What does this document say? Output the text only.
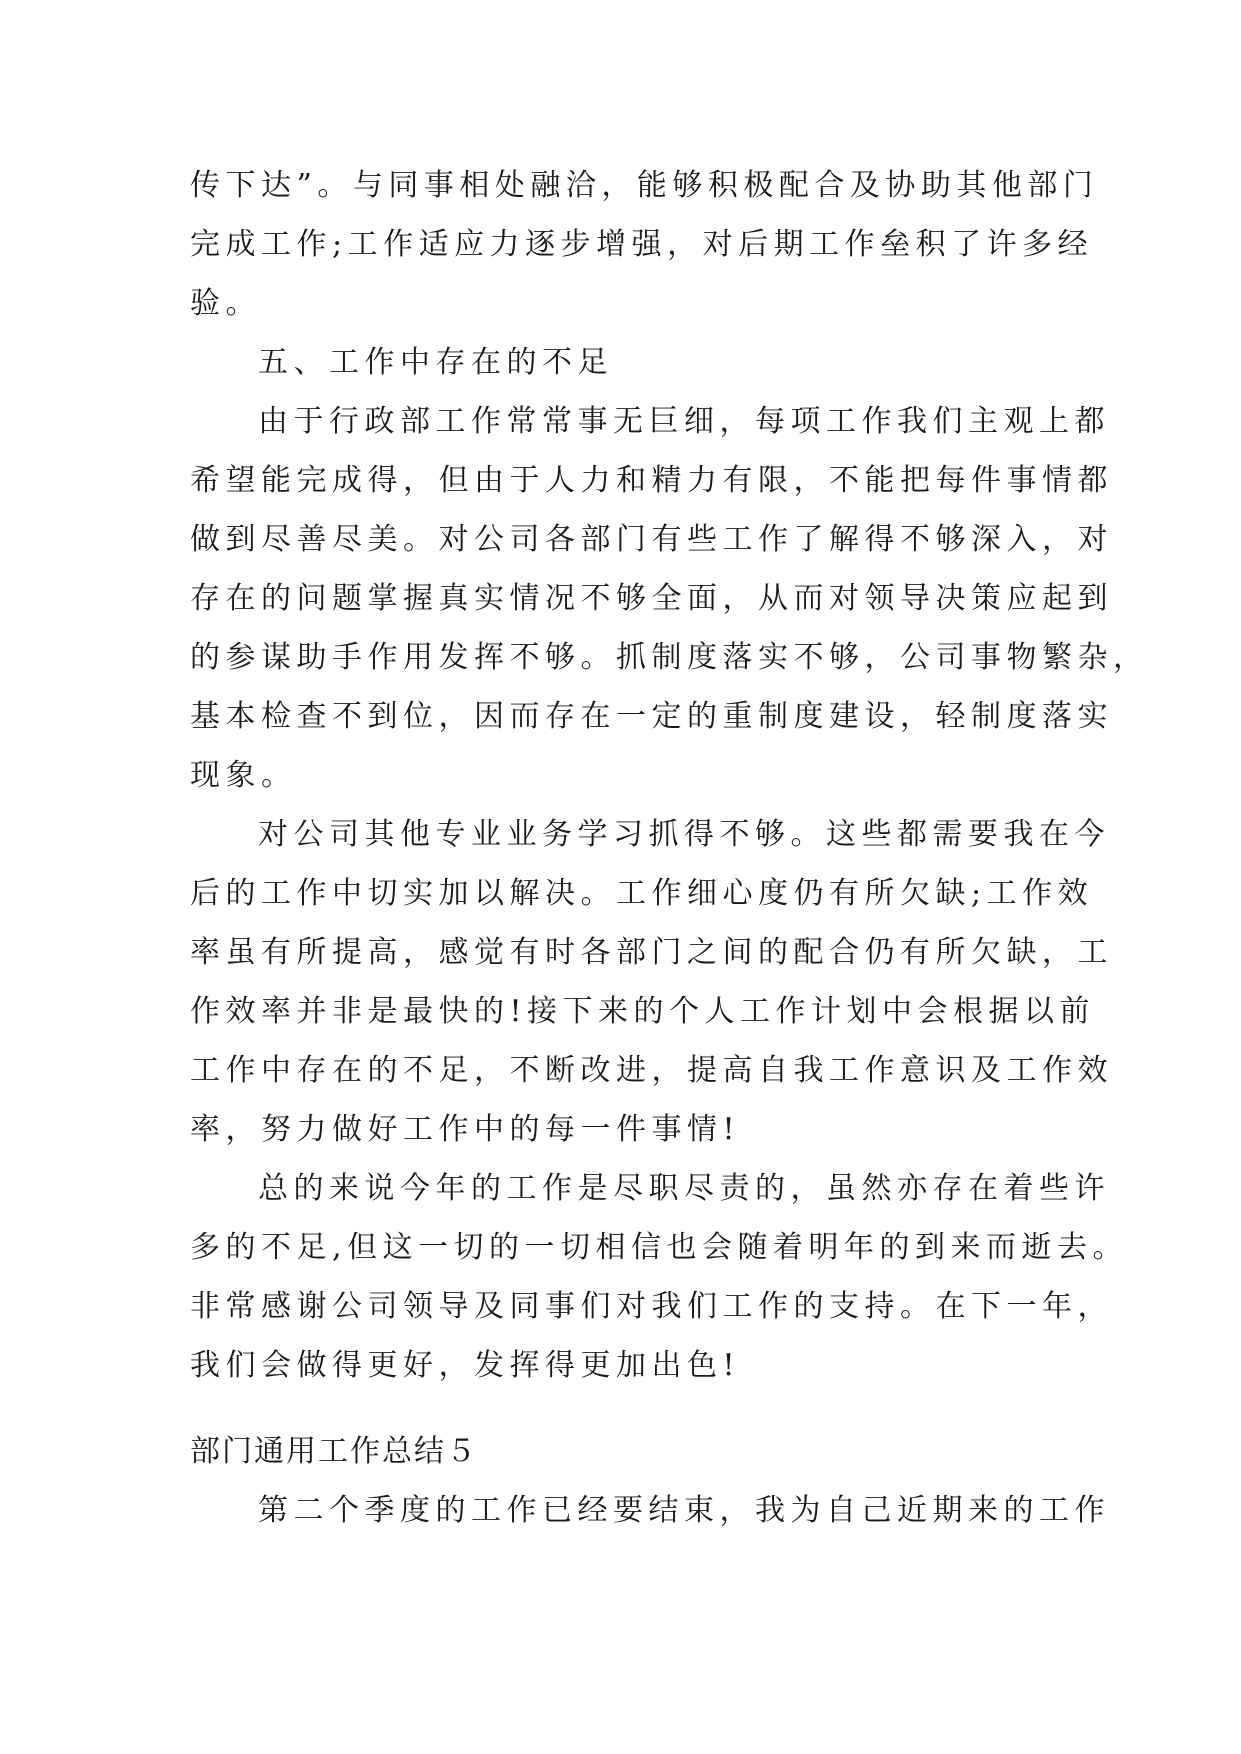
传下达”。与同事相处融洽，能够积极配合及协助其他部门
完成工作;工作适应力逐步增强，对后期工作垒积了许多经
验。
五、工作中存在的不足
由于行政部工作常常事无巨细，每项工作我们主观上都
希望能完成得，但由于人力和精力有限，不能把每件事情都
做到尽善尽美。对公司各部门有些工作了解得不够深入，对
存在的问题掌握真实情况不够全面，从而对领导决策应起到
的参谋助手作用发挥不够。抓制度落实不够，公司事物繁杂，
基本检查不到位，因而存在一定的重制度建设，轻制度落实
现象。
对公司其他专业业务学习抓得不够。这些都需要我在今
后的工作中切实加以解决。工作细心度仍有所欠缺;工作效
率虽有所提高，感觉有时各部门之间的配合仍有所欠缺，工
作效率并非是最快的!接下来的个人工作计划中会根据以前
工作中存在的不足，不断改进，提高自我工作意识及工作效
率，努力做好工作中的每一件事情!
总的来说今年的工作是尽职尽责的，虽然亦存在着些许
多的不足,但这一切的一切相信也会随着明年的到来而逝去。
非常感谢公司领导及同事们对我们工作的支持。在下一年，
我们会做得更好，发挥得更加出色!
部门通用工作总结５
第二个季度的工作已经要结束，我为自己近期来的工作
